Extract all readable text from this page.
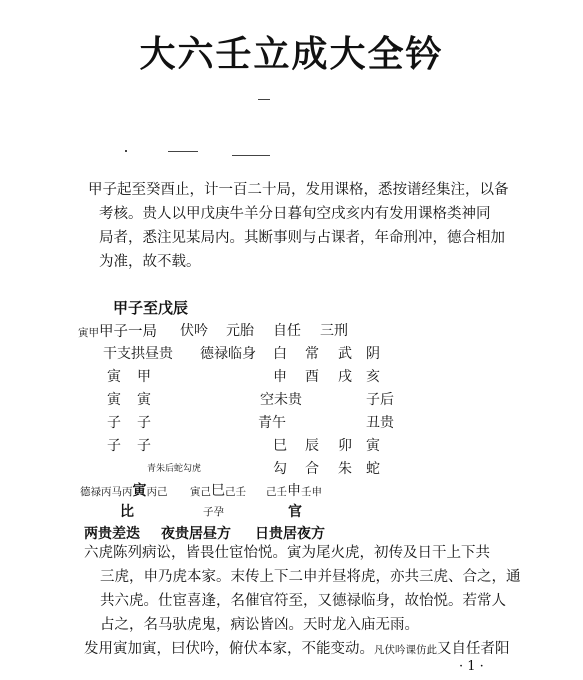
大六壬立成大全钤
甲子起至癸酉止，计一百二十局，发用课格，悉按谱经集注，以备
考核。贵人以甲戊庚牛羊分日暮旬空戌亥内有发用课格类神同
局者，悉注见某局内。其断事则与占课者，年命刑冲，德合相加
为准，故不载。
甲子至戊辰
寅甲甲子一局 伏吟 元胎 自任 三刑
干支拱昼贵 德禄临身 白 常 武 阴
寅 甲	申 酉 戌 亥
寅 寅	空未贵	子后
子 子	青午	丑贵
子 子	巳 辰 卯 寅
青朱后蛇勾虎	勾 合 朱 蛇
德禄丙马丙寅丙己 寅己巳己壬 己壬申壬申
比	子孕	官
两贵差迭 夜贵居昼方 日贵居夜方
六虎陈列病讼，皆畏仕宦怡悦。寅为尾火虎，初传及日干上下共
三虎，申乃虎本家。末传上下二申并昼将虎，亦共三虎、合之，通
共六虎。仕宦喜逢，名催官符至，又德禄临身，故怡悦。若常人
占之，名马驮虎鬼，病讼皆凶。天时龙入庙无雨。
发用寅加寅，曰伏吟，俯伏本家，不能变动。凡伏吟课仿此又自任者阳
· 1 ·
